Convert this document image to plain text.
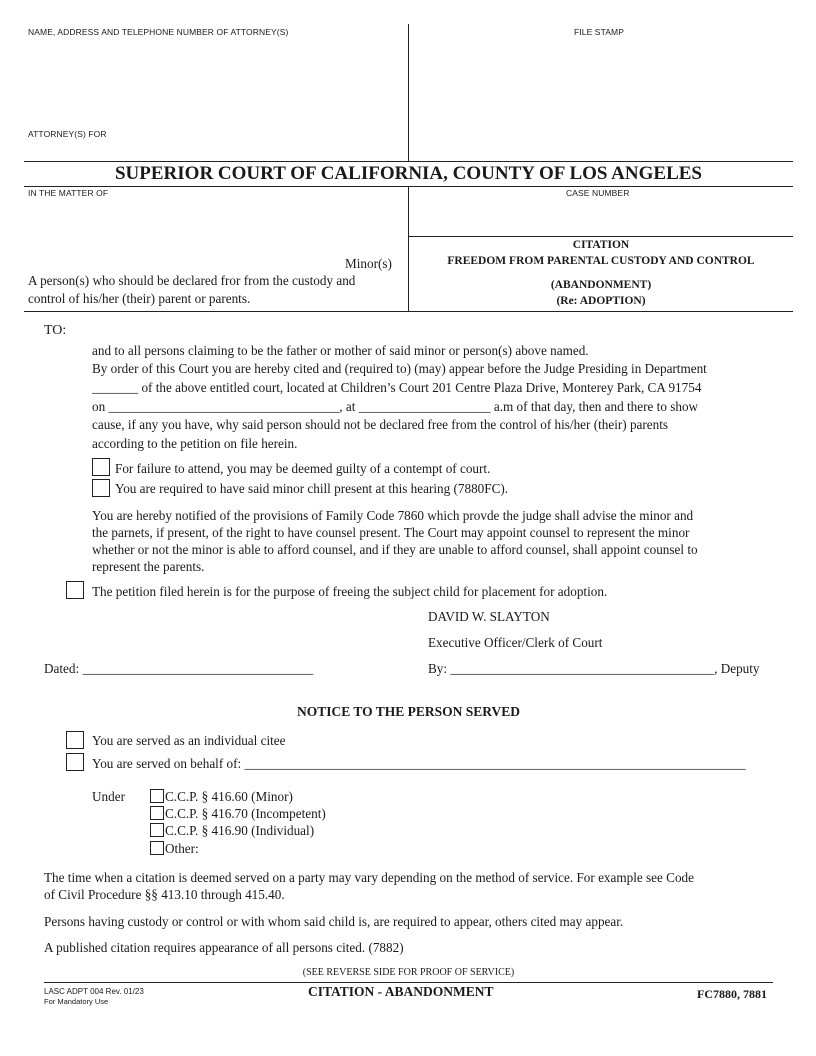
NAME, ADDRESS AND TELEPHONE NUMBER OF ATTORNEY(S)	FILE STAMP
ATTORNEY(S) FOR
SUPERIOR COURT OF CALIFORNIA, COUNTY OF LOS ANGELES
IN THE MATTER OF	CASE NUMBER
Minor(s)
A person(s) who should be declared fror from the custody and
control of his/her (their) parent or parents.
CITATION
FREEDOM FROM PARENTAL CUSTODY AND CONTROL
(ABANDONMENT)
(Re: ADOPTION)
TO:
and to all persons claiming to be the father or mother of said minor or person(s) above named.
By order of this Court you are hereby cited and (required to) (may) appear before the Judge Presiding in Department
_______ of the above entitled court, located at Children’s Court 201 Centre Plaza Drive, Monterey Park, CA 91754
on ___________________________________, at ____________________ a.m of that day, then and there to show
cause, if any you have, why said person should not be declared free from the control of his/her (their) parents
according to the petition on file herein.
For failure to attend, you may be deemed guilty of a contempt of court.
You are required to have said minor chill present at this hearing (7880FC).
You are hereby notified of the provisions of Family Code 7860 which provde the judge shall advise the minor and
the parnets, if present, of the right to have counsel present. The Court may appoint counsel to represent the minor
whether or not the minor is able to afford counsel, and if they are unable to afford counsel, shall appoint counsel to
represent the parents.
The petition filed herein is for the purpose of freeing the subject child for placement for adoption.
DAVID W. SLAYTON
Executive Officer/Clerk of Court
Dated: ___________________________________	By: ________________________________________, Deputy
NOTICE TO THE PERSON SERVED
You are served as an individual citee
You are served on behalf of: ____________________________________________________________________________
Under	C.C.P. § 416.60 (Minor)
C.C.P. § 416.70 (Incompetent)
C.C.P. § 416.90 (Individual)
Other:
The time when a citation is deemed served on a party may vary depending on the method of service. For example see Code
of Civil Procedure §§ 413.10 through 415.40.
Persons having custody or control or with whom said child is, are required to appear, others cited may appear.
A published citation requires appearance of all persons cited. (7882)
(SEE REVERSE SIDE FOR PROOF OF SERVICE)
LASC ADPT 004 Rev. 01/23
For Mandatory Use
CITATION - ABANDONMENT	FC7880, 7881
